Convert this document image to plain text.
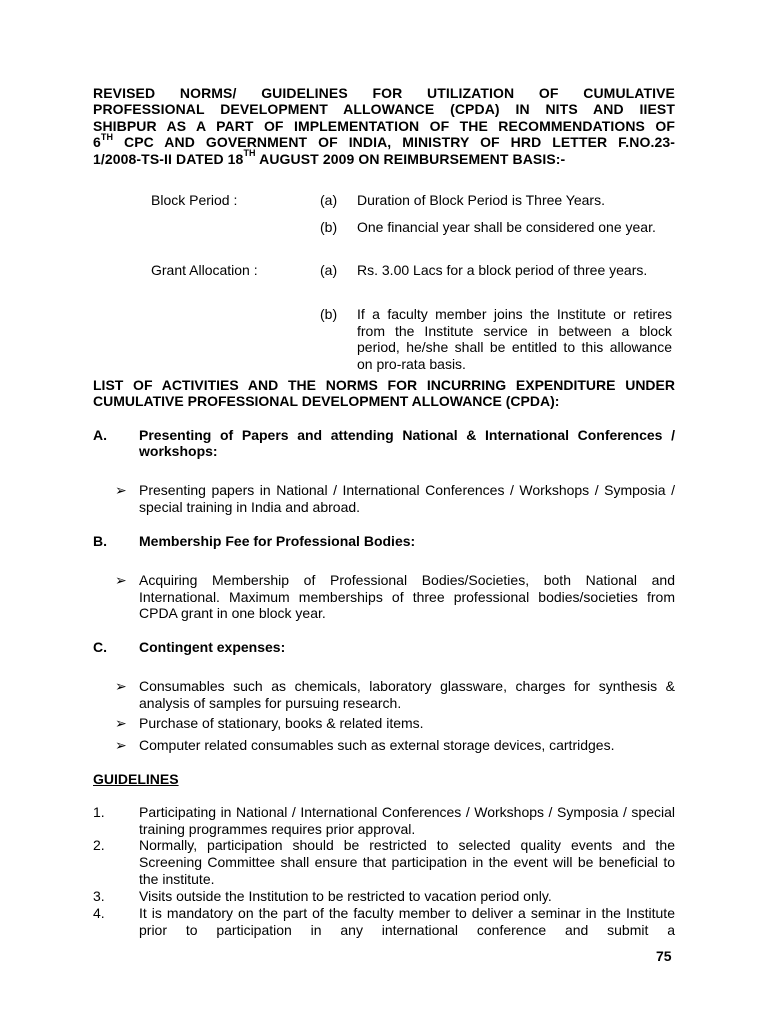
REVISED NORMS/ GUIDELINES FOR UTILIZATION OF CUMULATIVE
PROFESSIONAL DEVELOPMENT ALLOWANCE (CPDA) IN NITS AND IIEST
SHIBPUR AS A PART OF IMPLEMENTATION OF THE RECOMMENDATIONS OF
6TH CPC AND GOVERNMENT OF INDIA, MINISTRY OF HRD LETTER F.NO.23-
1/2008-TS-II DATED 18TH AUGUST 2009 ON REIMBURSEMENT BASIS:-
Block Period :	(a) Duration of Block Period is Three Years.
(b) One financial year shall be considered one year.
Grant Allocation :	(a) Rs. 3.00 Lacs for a block period of three years.
(b) If a faculty member joins the Institute or retires from the Institute service in between a block period, he/she shall be entitled to this allowance on pro-rata basis.
LIST OF ACTIVITIES AND THE NORMS FOR INCURRING EXPENDITURE UNDER CUMULATIVE PROFESSIONAL DEVELOPMENT ALLOWANCE (CPDA):
A. Presenting of Papers and attending National & International Conferences / workshops:
➢ Presenting papers in National / International Conferences / Workshops / Symposia / special training in India and abroad.
B. Membership Fee for Professional Bodies:
➢ Acquiring Membership of Professional Bodies/Societies, both National and International. Maximum memberships of three professional bodies/societies from CPDA grant in one block year.
C. Contingent expenses:
➢ Consumables such as chemicals, laboratory glassware, charges for synthesis & analysis of samples for pursuing research.
➢ Purchase of stationary, books & related items.
➢ Computer related consumables such as external storage devices, cartridges.
GUIDELINES
1. Participating in National / International Conferences / Workshops / Symposia / special training programmes requires prior approval.
2. Normally, participation should be restricted to selected quality events and the Screening Committee shall ensure that participation in the event will be beneficial to the institute.
3. Visits outside the Institution to be restricted to vacation period only.
4. It is mandatory on the part of the faculty member to deliver a seminar in the Institute prior to participation in any international conference and submit a
75
